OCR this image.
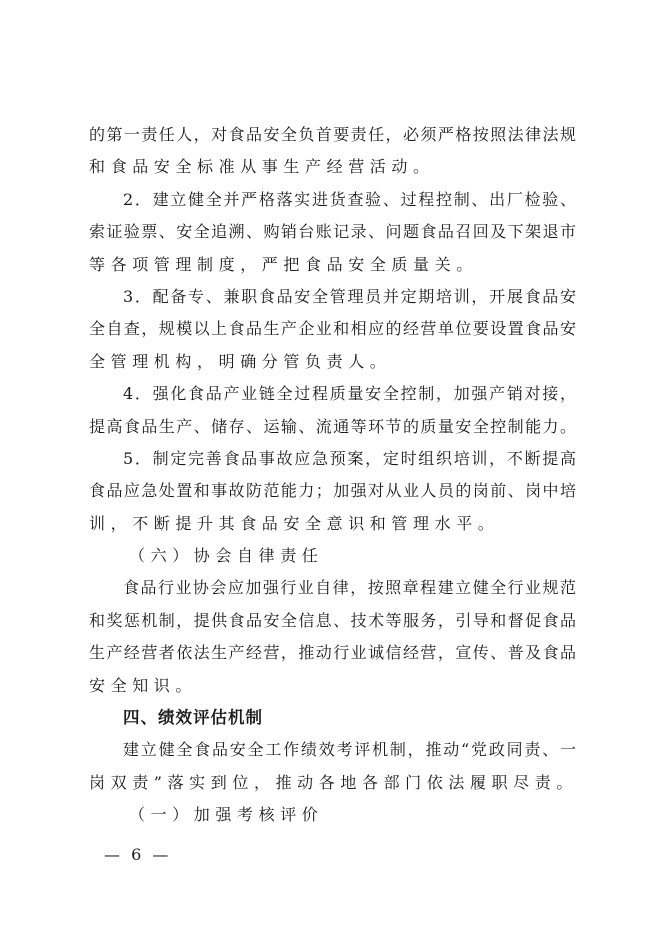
的第一责任人，对食品安全负首要责任，必须严格按照法律法规
和食品安全标准从事生产经营活动。
2．建立健全并严格落实进货查验、过程控制、出厂检验、
索证验票、安全追溯、购销台账记录、问题食品召回及下架退市
等各项管理制度，严把食品安全质量关。
3．配备专、兼职食品安全管理员并定期培训，开展食品安
全自查，规模以上食品生产企业和相应的经营单位要设置食品安
全管理机构，明确分管负责人。
4．强化食品产业链全过程质量安全控制，加强产销对接，
提高食品生产、储存、运输、流通等环节的质量安全控制能力。
5．制定完善食品事故应急预案，定时组织培训，不断提高
食品应急处置和事故防范能力；加强对从业人员的岗前、岗中培
训，不断提升其食品安全意识和管理水平。
（六）协会自律责任
食品行业协会应加强行业自律，按照章程建立健全行业规范
和奖惩机制，提供食品安全信息、技术等服务，引导和督促食品
生产经营者依法生产经营，推动行业诚信经营，宣传、普及食品
安全知识。
四、绩效评估机制
建立健全食品安全工作绩效考评机制，推动“党政同责、一
岗双责”落实到位，推动各地各部门依法履职尽责。
（一）加强考核评价
— 6 —
